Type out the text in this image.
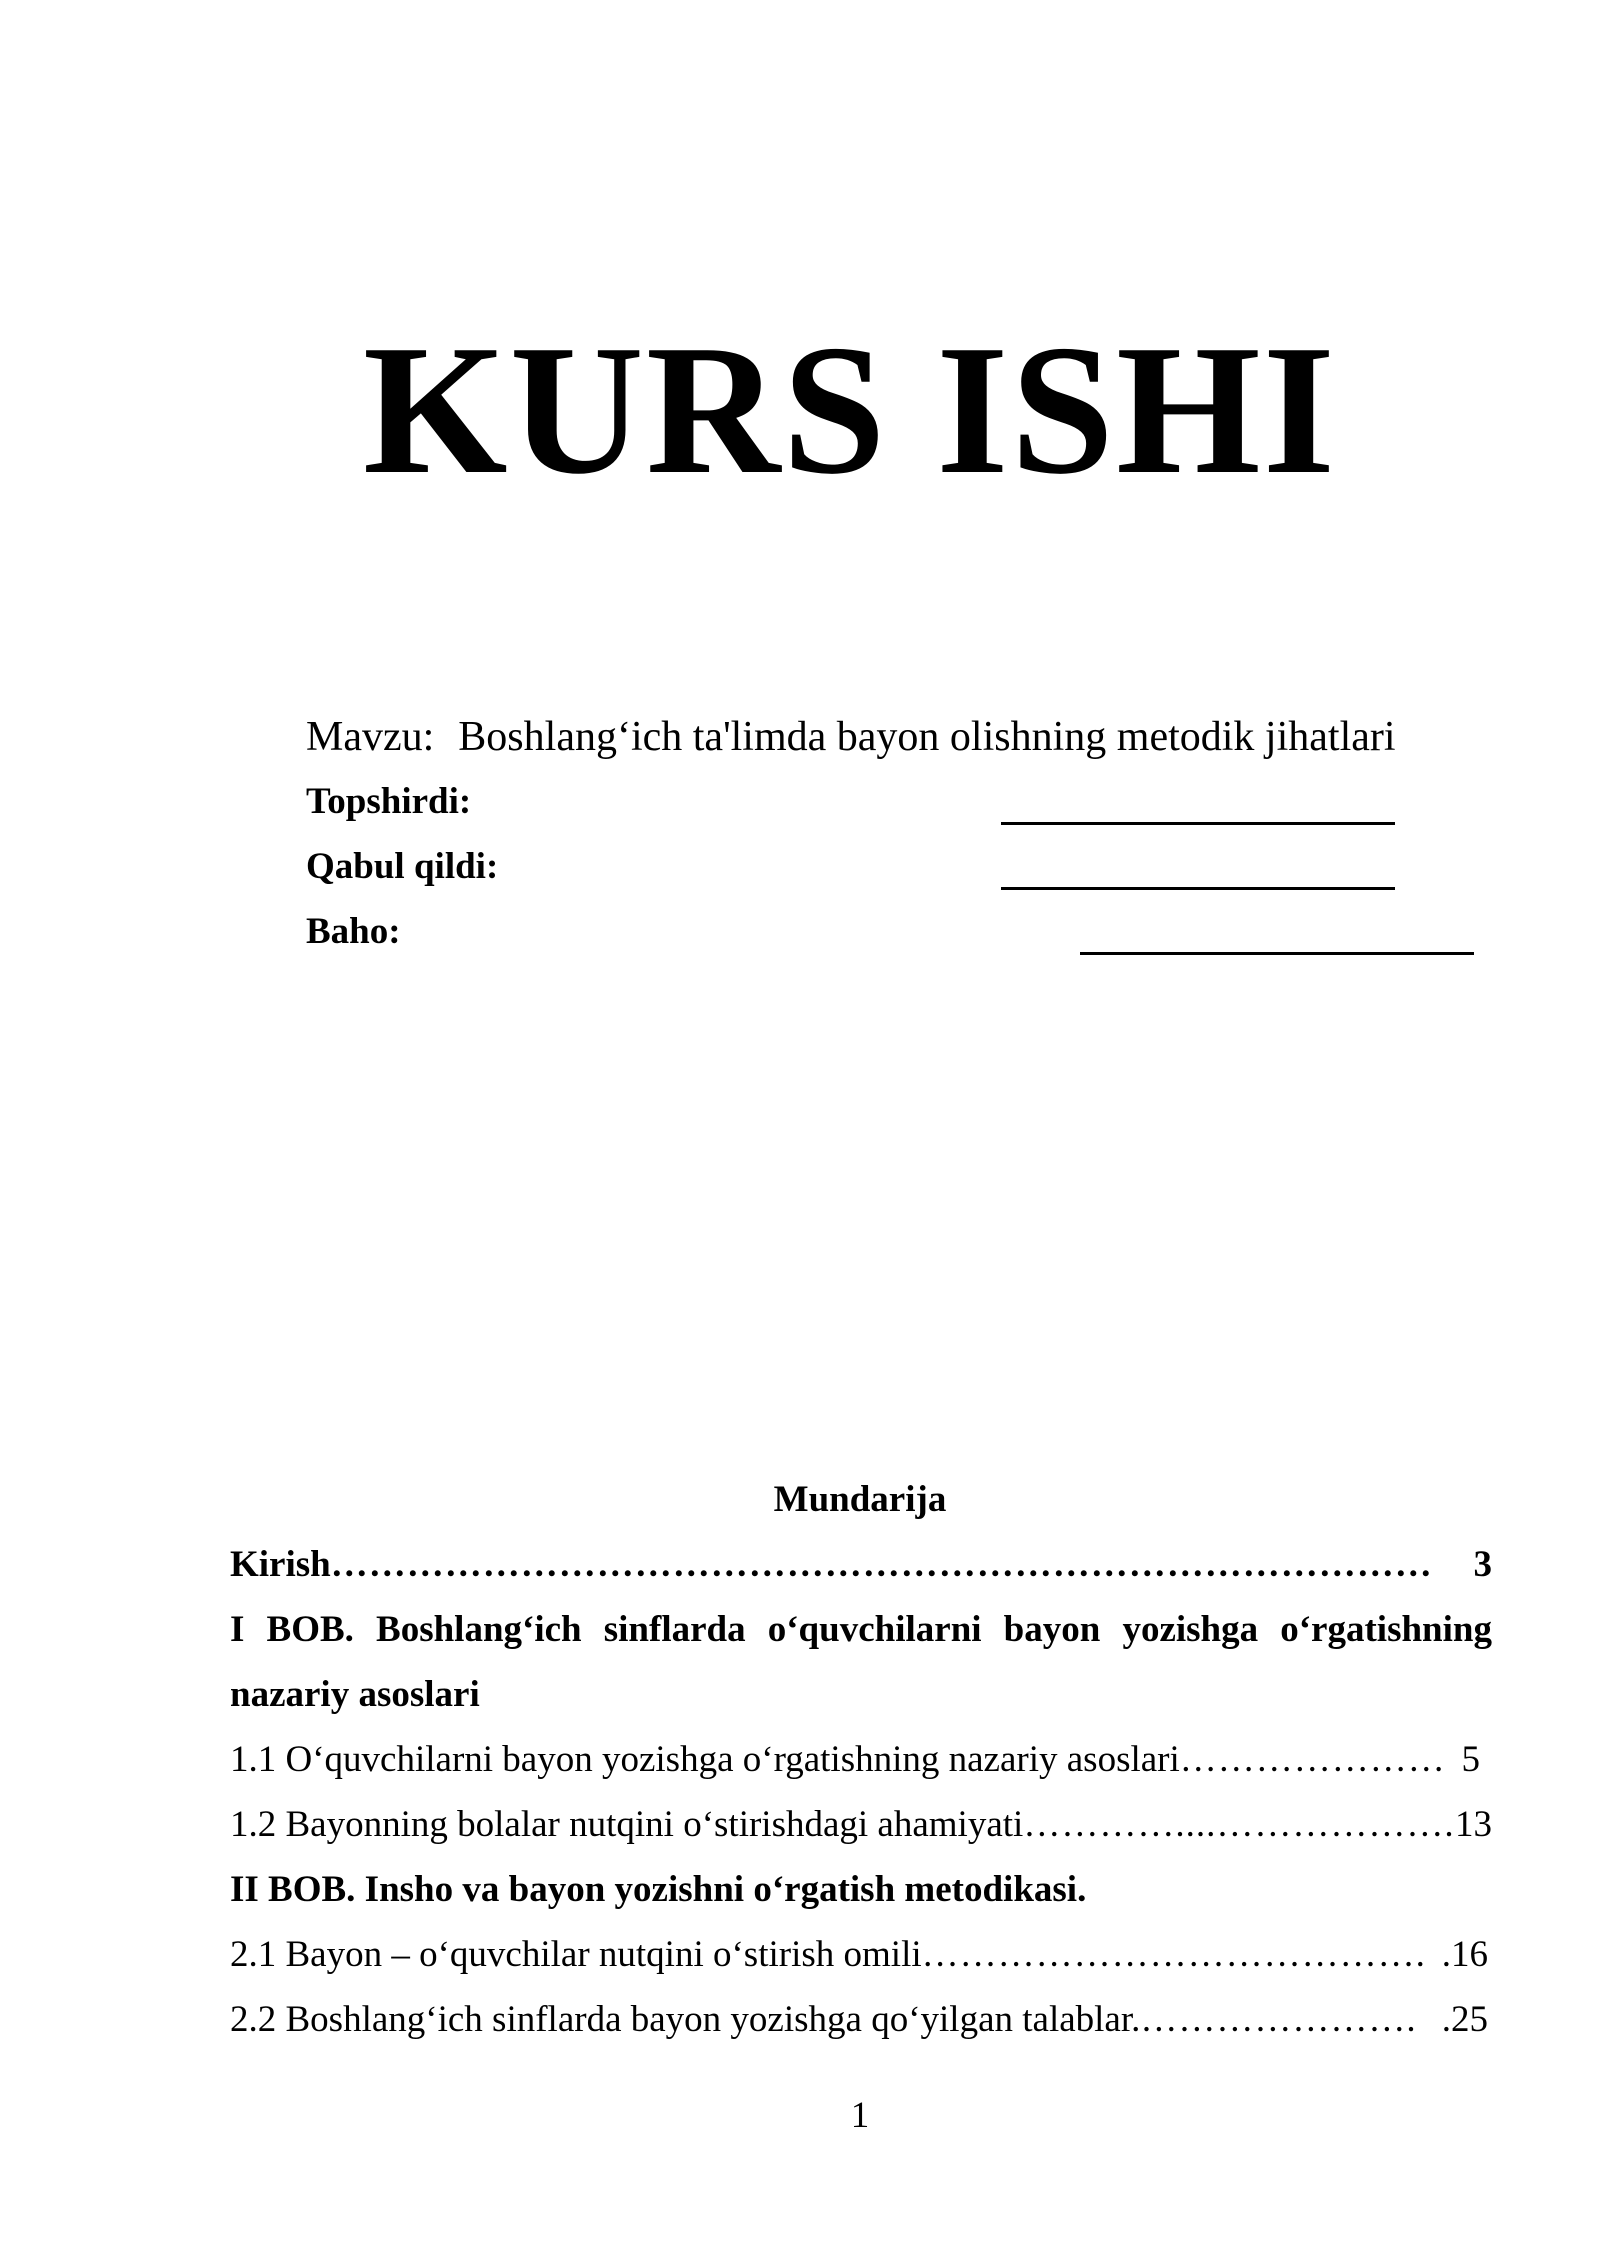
KURS ISHI
Mavzu: Boshlang‘ich ta'limda bayon olishning metodik jihatlari
Topshirdi:
Qabul qildi:
Baho:
Mundarija
Kirish ……………………………………………………………………………	3
I BOB. Boshlang‘ich sinflarda o‘quvchilarni bayon yozishga o‘rgatishning
nazariy asoslari
1.1 O‘quvchilarni bayon yozishga o‘rgatishning nazariy asoslari ………………… 5
1.2 Bayonning bolalar nutqini o‘stirishdagi ahamiyati …………....………………. 13
II BOB. Insho va bayon yozishni o‘rgatish metodikasi.
2.1 Bayon – o‘quvchilar nutqini o‘stirish omili …………………………………. .16
2.2 Boshlang‘ich sinflarda bayon yozishga qo‘yilgan talablar. …………………. .25
1
